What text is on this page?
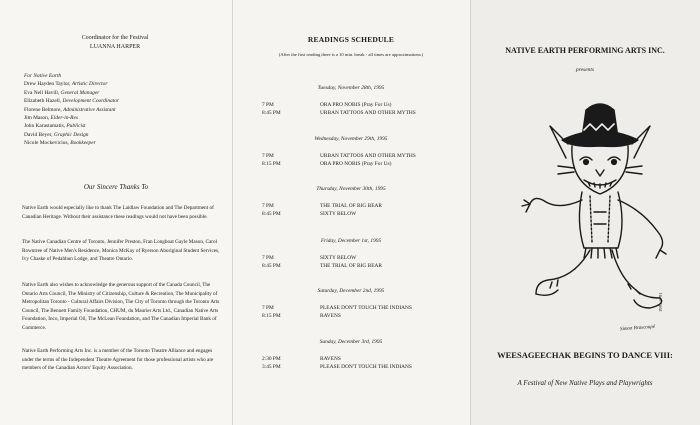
Coordinator for the Festival
LUANNA HARPER
For Native Earth
Drew Hayden Taylor, Artistic Director
Eva Nell Havill, General Manager
Elizabeth Hazell, Development Coordinator
Florene Belmore, Administrative Assistant
Jim Mason, Elder-in-Res
John Karastamatis, Publicist
David Beyer, Graphic Design
Nicole Mockevicius, Bookkeeper
Our Sincere Thanks To
Native Earth would especially like to thank The Laidlaw Foundation and The Department of Canadian Heritage. Without their assistance these readings would not have been possible.
The Native Canadian Centre of Toronto, Jennifer Preston, Fran Longboat Gayle Mason, Carol Rowntree of Native Men's Residence, Monica McKay of Ryerson Aboriginal Student Services, Ivy Chaske of Pedahbun Lodge, and Theatre Ontario.
Native Earth also wishes to acknowledge the generous support of the Canada Council, The Ontario Arts Council, The Ministry of Citizenship, Culture & Recreation, The Municipality of Metropolitan Toronto - Cultural Affairs Division, The City of Toronto through the Toronto Arts Council, The Bennett Family Foundation, CHUM, du Maurier Arts Ltd., Canadian Native Arts Foundation, Inco, Imperial Oil, The McLean Foundation, and The Canadian Imperial Bank of Commerce.
Native Earth Performing Arts Inc. is a member of the Toronto Theatre Alliance and engages under the terms of the Independent Theatre Agreement for those professional artists who are members of the Canadian Actors' Equity Association.
READINGS SCHEDULE
(After the first reading there is a 10 min. break - all times are approximations.)
Tuesday, November 28th, 1995
7 PM	ORA PRO NOBIS (Pray For Us)
8:45 PM	URBAN TATTOOS AND OTHER MYTHS
Wednesday, November 29th, 1995
7 PM	URBAN TATTOOS AND OTHER MYTHS
8:15 PM	ORA PRO NOBIS (Pray For Us)
Thursday, November 30th, 1995
7 PM	THE TRIAL OF BIG BEAR
8:45 PM	SIXTY BELOW
Friday, December 1st, 1995
7 PM	SIXTY BELOW
8:45 PM	THE TRIAL OF BIG BEAR
Saturday, December 2nd, 1995
7 PM	PLEASE DON'T TOUCH THE INDIANS
8:15 PM	RAVENS
Sunday, December 3rd, 1995
2:30 PM	RAVENS
3:45 PM	PLEASE DON'T TOUCH THE INDIANS
NATIVE EARTH PERFORMING ARTS INC.
presents
Simon Brascoupé
1991 © 91
WEESAGEECHAK BEGINS TO DANCE VIII:
A Festival of New Native Plays and Playwrights
